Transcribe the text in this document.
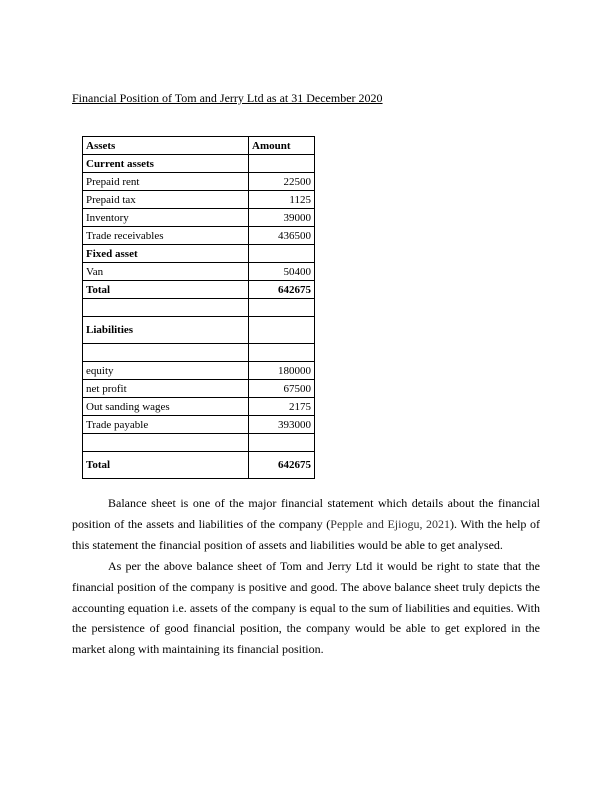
Financial Position of Tom and Jerry Ltd as at 31 December 2020
Assets	Amount
Current assets	
Prepaid rent	22500
Prepaid tax	1125
Inventory	39000
Trade receivables	436500
Fixed asset	
Van	50400
Total	642675

Liabilities	

equity	180000
net profit	67500
Out sanding wages	2175
Trade payable	393000

Total	642675
Balance sheet is one of the major financial statement which details about the financial position of the assets and liabilities of the company (Pepple and Ejiogu, 2021). With the help of this statement the financial position of assets and liabilities would be able to get analysed.
As per the above balance sheet of Tom and Jerry Ltd it would be right to state that the financial position of the company is positive and good. The above balance sheet truly depicts the accounting equation i.e. assets of the company is equal to the sum of liabilities and equities. With the persistence of good financial position, the company would be able to get explored in the market along with maintaining its financial position.
